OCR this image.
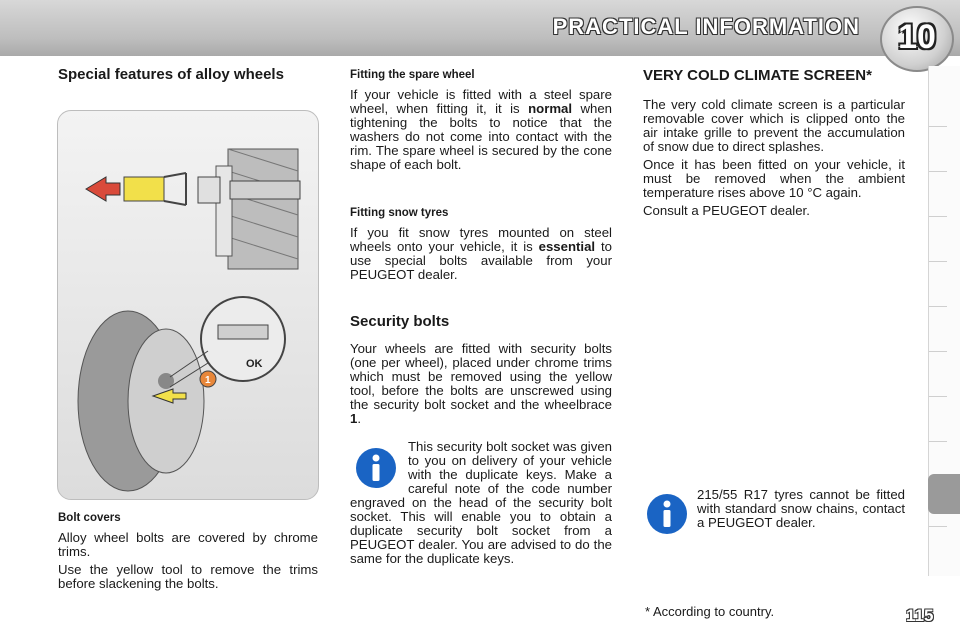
PRACTICAL INFORMATION	10
Special features of alloy wheels
OK
1
Bolt covers

Alloy wheel bolts are covered by chrome trims.

Use the yellow tool to remove the trims before slackening the bolts.

Fitting the spare wheel

If your vehicle is fitted with a steel spare wheel, when fitting it, it is normal when tightening the bolts to notice that the washers do not come into contact with the rim. The spare wheel is secured by the cone shape of each bolt.

Fitting snow tyres

If you fit snow tyres mounted on steel wheels onto your vehicle, it is essential to use special bolts available from your PEUGEOT dealer.

Security bolts

Your wheels are fitted with security bolts (one per wheel), placed under chrome trims which must be removed using the yellow tool, before the bolts are unscrewed using the security bolt socket and the wheelbrace 1.

This security bolt socket was given to you on delivery of your vehicle with the duplicate keys. Make a careful note of the code number engraved on the head of the security bolt socket. This will enable you to obtain a duplicate security bolt socket from a PEUGEOT dealer. You are advised to do the same for the duplicate keys.

VERY COLD CLIMATE SCREEN*

The very cold climate screen is a particular removable cover which is clipped onto the air intake grille to prevent the accumulation of snow due to direct splashes.

Once it has been fitted on your vehicle, it must be removed when the ambient temperature rises above 10 °C again.

Consult a PEUGEOT dealer.

215/55 R17 tyres cannot be fitted with standard snow chains, contact a PEUGEOT dealer.

* According to country.	115
